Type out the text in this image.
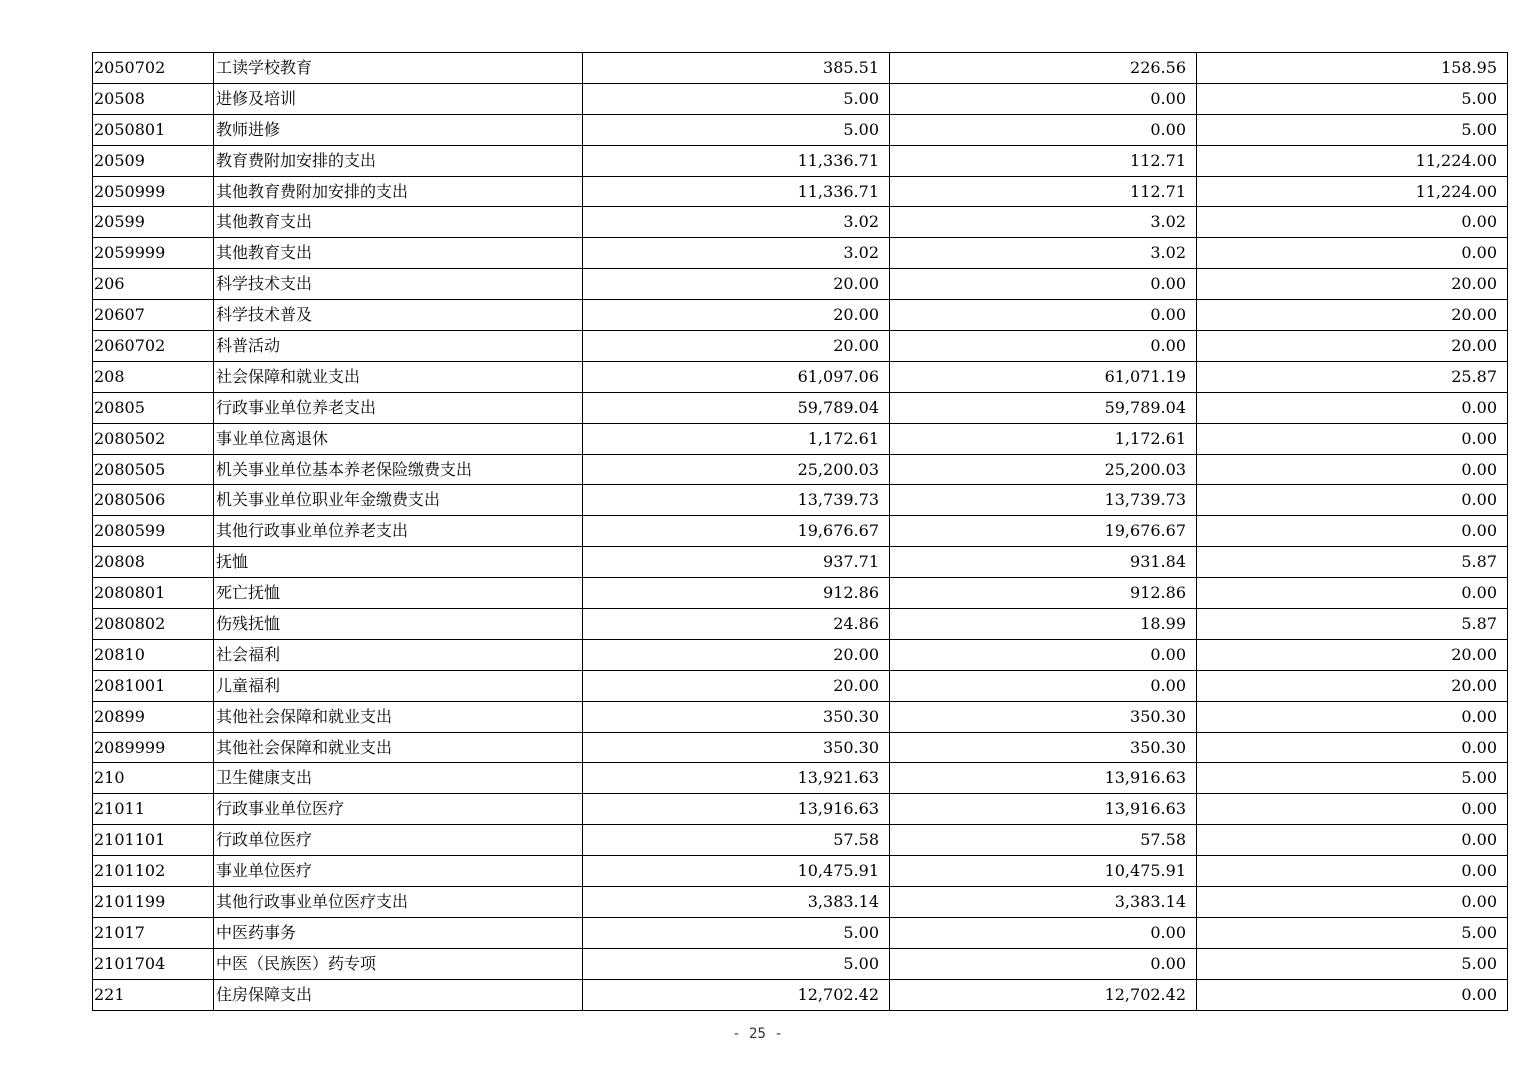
2050702	工读学校教育	385.51	226.56	158.95
20508	进修及培训	5.00	0.00	5.00
2050801	教师进修	5.00	0.00	5.00
20509	教育费附加安排的支出	11,336.71	112.71	11,224.00
2050999	其他教育费附加安排的支出	11,336.71	112.71	11,224.00
20599	其他教育支出	3.02	3.02	0.00
2059999	其他教育支出	3.02	3.02	0.00
206	科学技术支出	20.00	0.00	20.00
20607	科学技术普及	20.00	0.00	20.00
2060702	科普活动	20.00	0.00	20.00
208	社会保障和就业支出	61,097.06	61,071.19	25.87
20805	行政事业单位养老支出	59,789.04	59,789.04	0.00
2080502	事业单位离退休	1,172.61	1,172.61	0.00
2080505	机关事业单位基本养老保险缴费支出	25,200.03	25,200.03	0.00
2080506	机关事业单位职业年金缴费支出	13,739.73	13,739.73	0.00
2080599	其他行政事业单位养老支出	19,676.67	19,676.67	0.00
20808	抚恤	937.71	931.84	5.87
2080801	死亡抚恤	912.86	912.86	0.00
2080802	伤残抚恤	24.86	18.99	5.87
20810	社会福利	20.00	0.00	20.00
2081001	儿童福利	20.00	0.00	20.00
20899	其他社会保障和就业支出	350.30	350.30	0.00
2089999	其他社会保障和就业支出	350.30	350.30	0.00
210	卫生健康支出	13,921.63	13,916.63	5.00
21011	行政事业单位医疗	13,916.63	13,916.63	0.00
2101101	行政单位医疗	57.58	57.58	0.00
2101102	事业单位医疗	10,475.91	10,475.91	0.00
2101199	其他行政事业单位医疗支出	3,383.14	3,383.14	0.00
21017	中医药事务	5.00	0.00	5.00
2101704	中医（民族医）药专项	5.00	0.00	5.00
221	住房保障支出	12,702.42	12,702.42	0.00
- 25 -
